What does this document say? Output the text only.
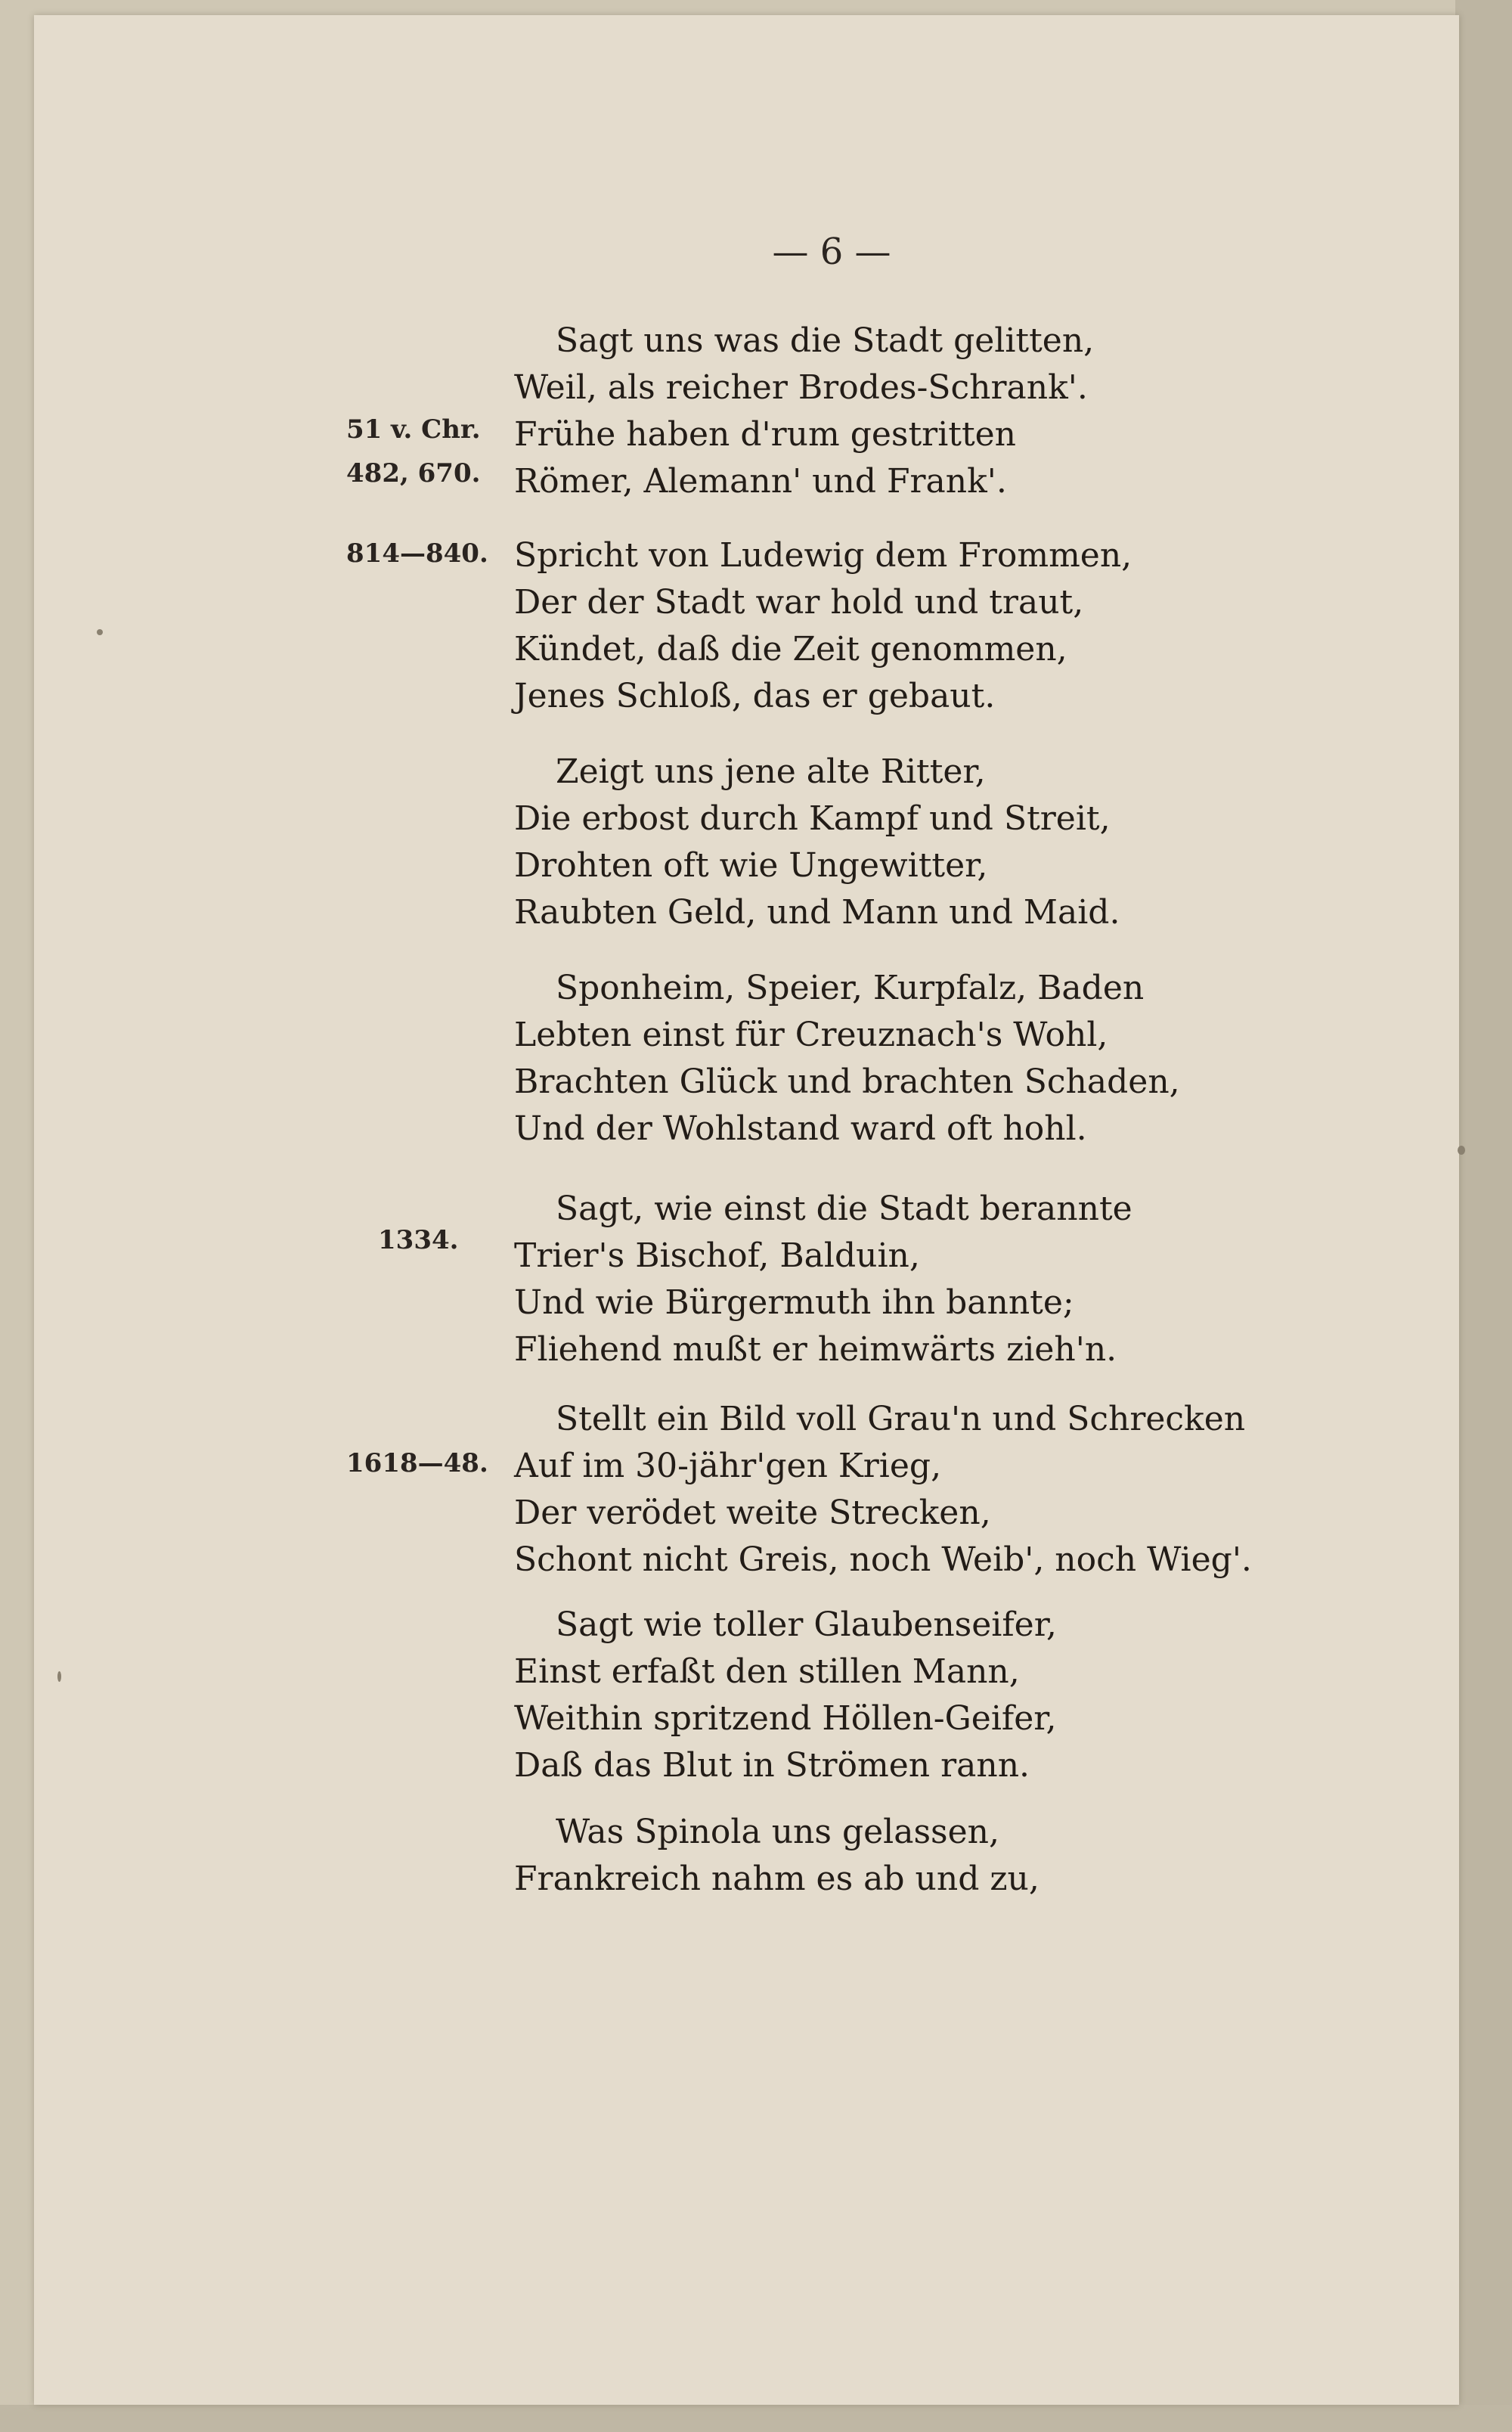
— 6 —
51 v. Chr.
482, 670.
814—840.
1334.
1618—48.
Sagt uns was die Stadt gelitten,
Weil, als reicher Brodes-Schrank'.
Frühe haben d'rum gestritten
Römer, Alemann' und Frank'.
Spricht von Ludewig dem Frommen,
Der der Stadt war hold und traut,
Kündet, daß die Zeit genommen,
Jenes Schloß, das er gebaut.
Zeigt uns jene alte Ritter,
Die erbost durch Kampf und Streit,
Drohten oft wie Ungewitter,
Raubten Geld, und Mann und Maid.
Sponheim, Speier, Kurpfalz, Baden
Lebten einst für Creuznach's Wohl,
Brachten Glück und brachten Schaden,
Und der Wohlstand ward oft hohl.
Sagt, wie einst die Stadt berannte
Trier's Bischof, Balduin,
Und wie Bürgermuth ihn bannte;
Fliehend mußt er heimwärts zieh'n.
Stellt ein Bild voll Grau'n und Schrecken
Auf im 30-jähr'gen Krieg,
Der verödet weite Strecken,
Schont nicht Greis, noch Weib', noch Wieg'.
Sagt wie toller Glaubenseifer,
Einst erfaßt den stillen Mann,
Weithin spritzend Höllen-Geifer,
Daß das Blut in Strömen rann.
Was Spinola uns gelassen,
Frankreich nahm es ab und zu,
